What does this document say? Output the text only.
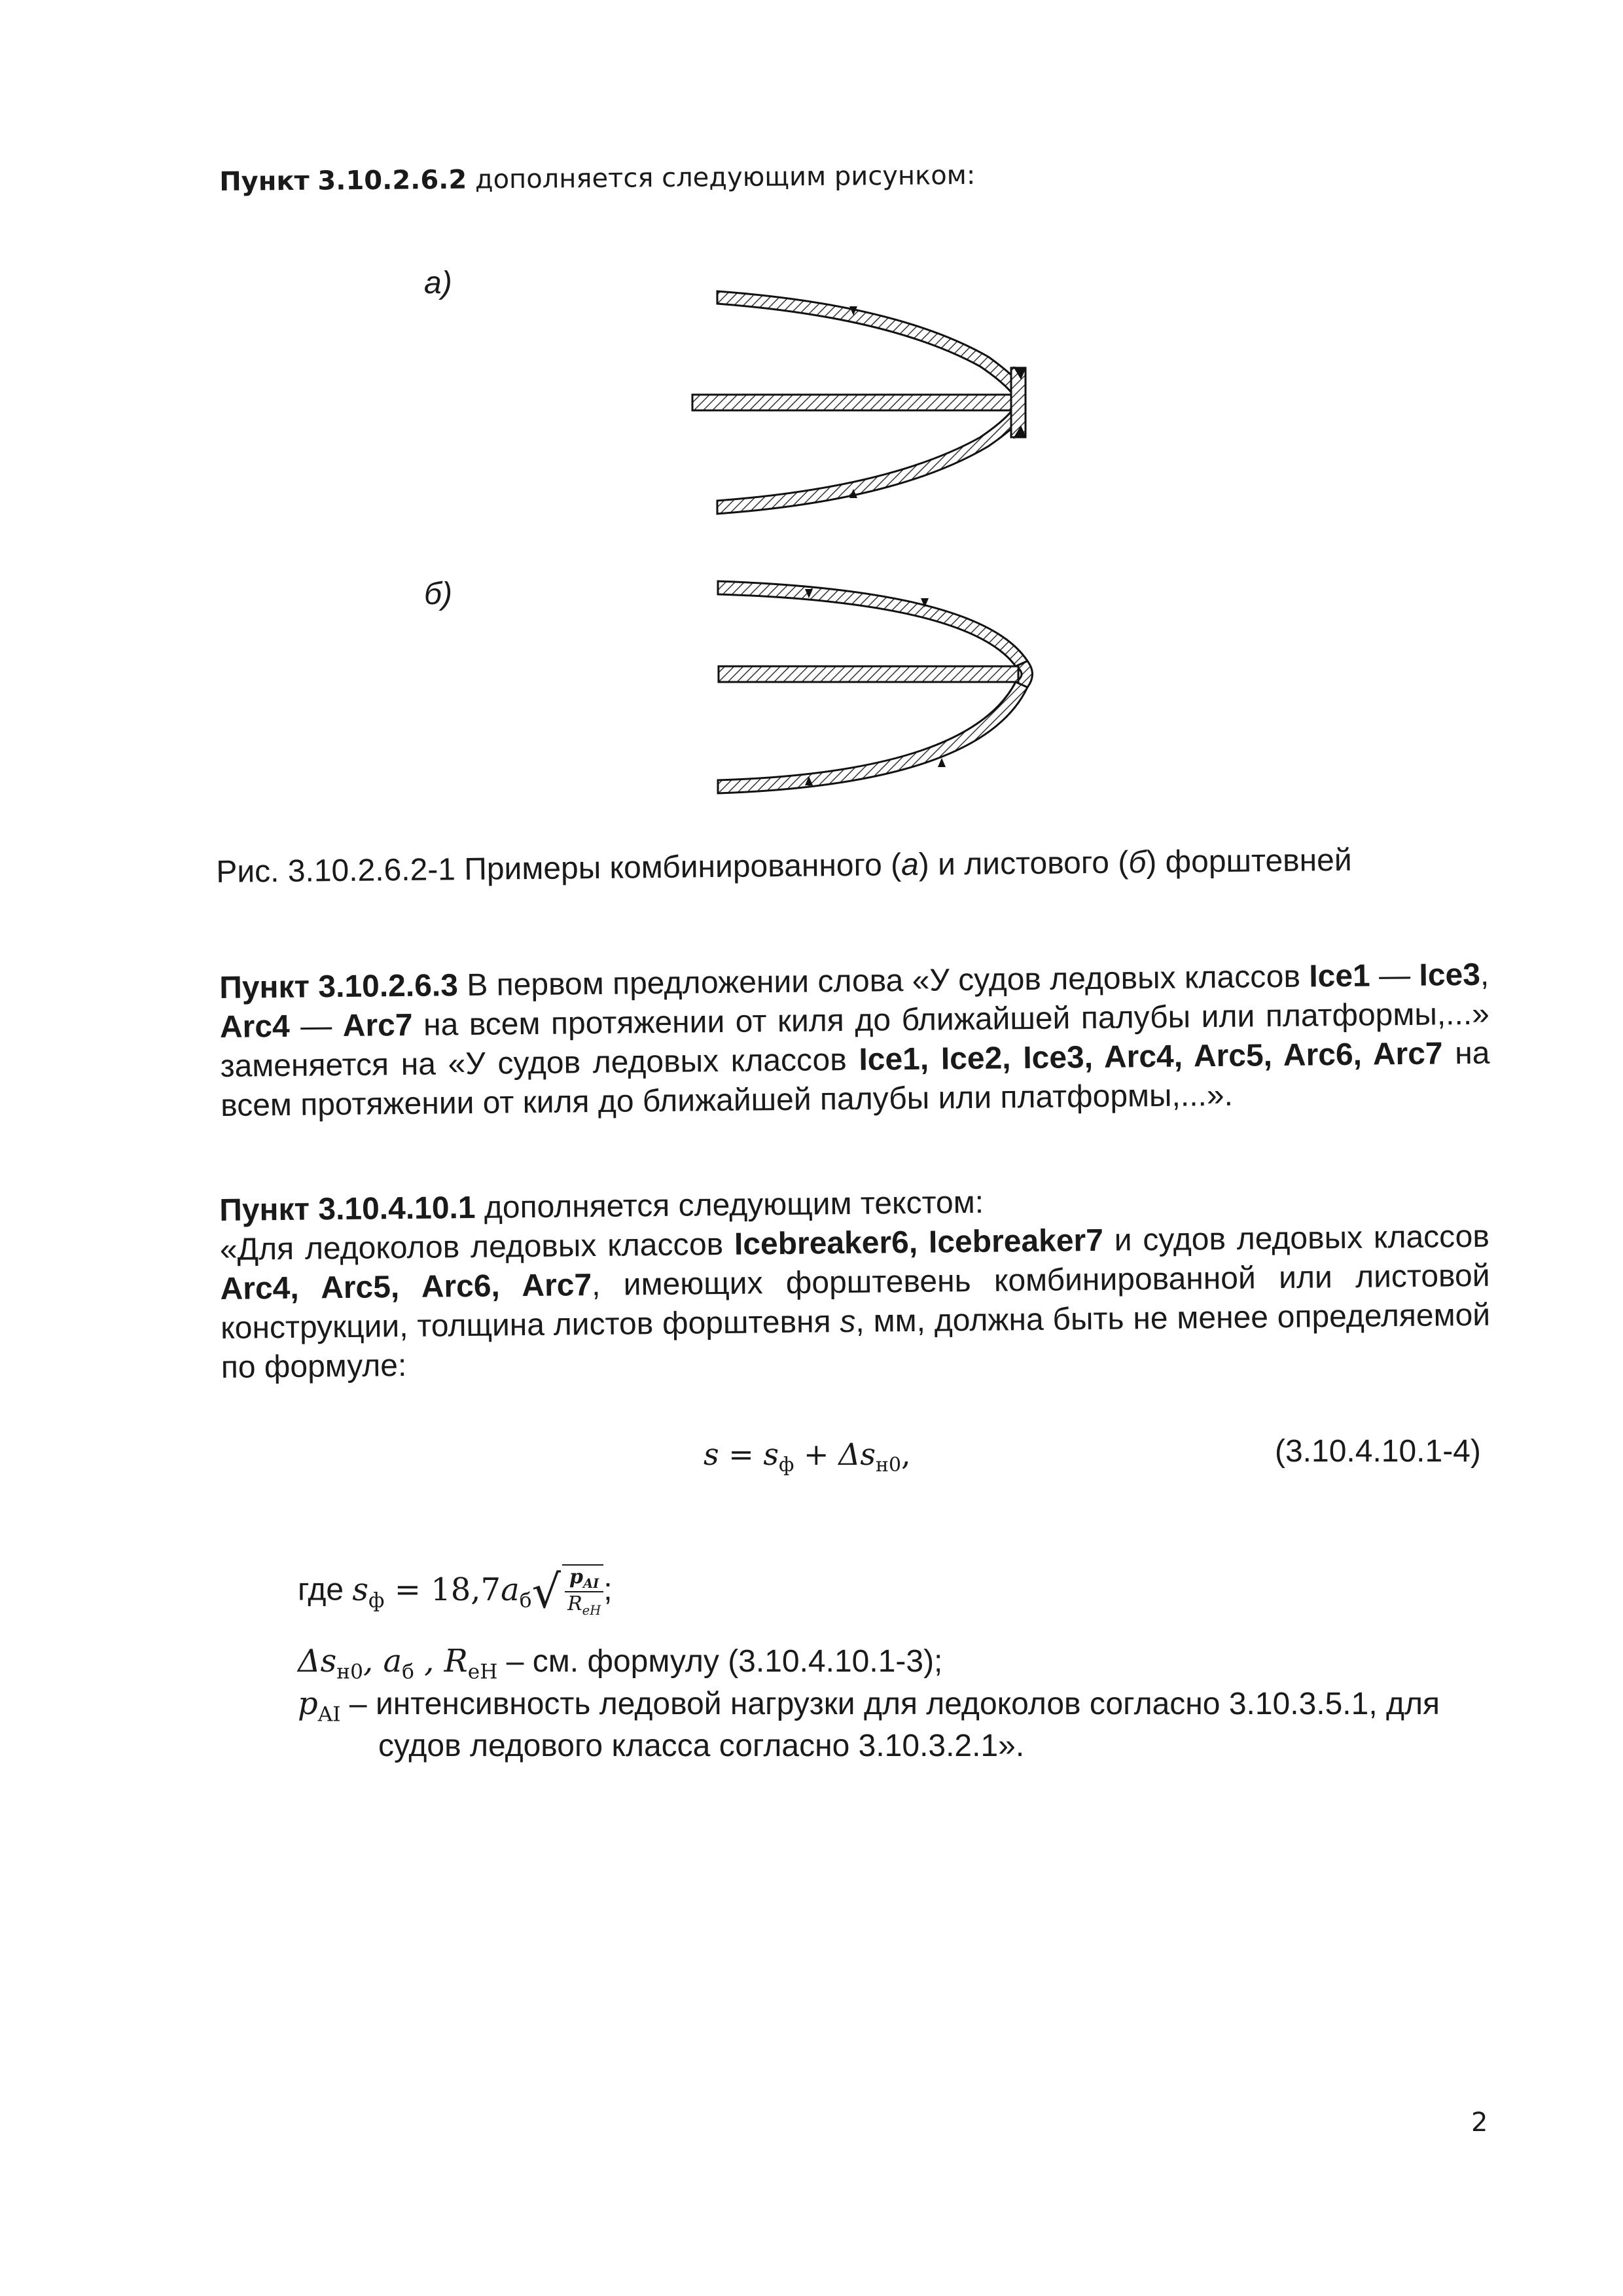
Пункт 3.10.2.6.2 дополняется следующим рисунком:
а)
б)
Рис. 3.10.2.6.2-1 Примеры комбинированного (а) и листового (б) форштевней
Пункт 3.10.2.6.3 В первом предложении слова «У судов ледовых классов Ice1 — Ice3, Arc4 — Arc7 на всем протяжении от киля до ближайшей палубы или платформы,...» заменяется на «У судов ледовых классов Ice1, Ice2, Ice3, Arc4, Arc5, Arc6, Arc7 на всем протяжении от киля до ближайшей палубы или платформы,...».
Пункт 3.10.4.10.1 дополняется следующим текстом:
«Для ледоколов ледовых классов Icebreaker6, Icebreaker7 и судов ледовых классов Arc4, Arc5, Arc6, Arc7, имеющих форштевень комбинированной или листовой конструкции, толщина листов форштевня s, мм, должна быть не менее определяемой по формуле:
$s = s_ф + \Delta s_{н0}$,	(3.10.4.10.1-4)
где $s_ф = 18,7a_б√ \frac{p_{AI}}{R_{eH}}$ ;
$\Delta s_{н0}$, $a_б$ , $R_{eH}$ – см. формулу (3.10.4.10.1-3);
$p_{AI}$ – интенсивность ледовой нагрузки для ледоколов согласно 3.10.3.5.1, для
судов ледового класса согласно 3.10.3.2.1».
2
